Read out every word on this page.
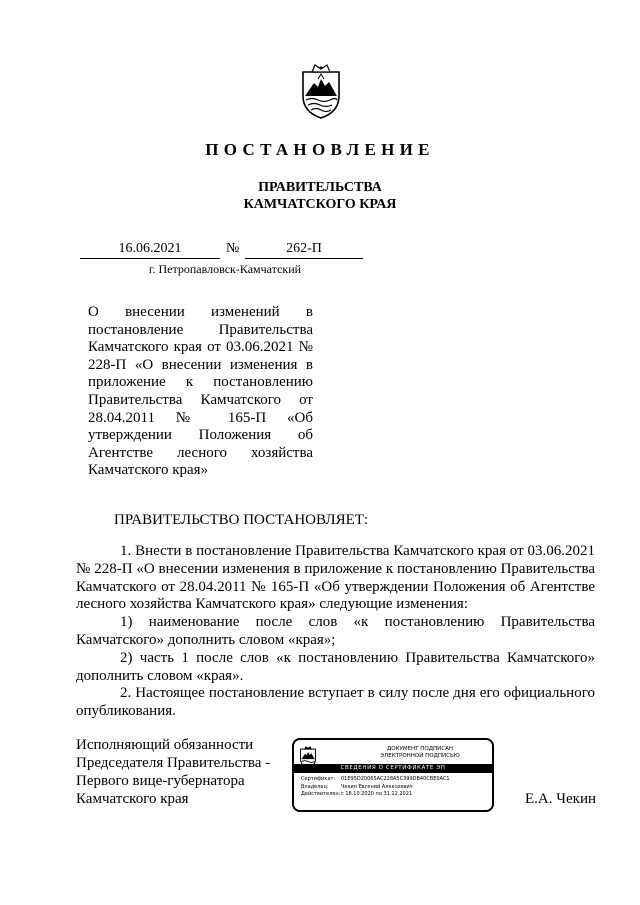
ПОСТАНОВЛЕНИЕ
ПРАВИТЕЛЬСТВА
КАМЧАТСКОГО КРАЯ
16.06.2021	№	262-П
г. Петропавловск-Камчатский
О внесении изменений в постановление Правительства Камчатского края от 03.06.2021 № 228-П «О внесении изменения в приложение к постановлению Правительства Камчатского от 28.04.2011 № 165-П «Об утверждении Положения об Агентстве лесного хозяйства Камчатского края»
ПРАВИТЕЛЬСТВО ПОСТАНОВЛЯЕТ:

1. Внести в постановление Правительства Камчатского края от 03.06.2021 № 228-П «О внесении изменения в приложение к постановлению Правительства Камчатского от 28.04.2011 № 165-П «Об утверждении Положения об Агентстве лесного хозяйства Камчатского края» следующие изменения:

1) наименование после слов «к постановлению Правительства Камчатского» дополнить словом «края»;

2) часть 1 после слов «к постановлению Правительства Камчатского» дополнить словом «края».

2. Настоящее постановление вступает в силу после дня его официального опубликования.

Исполняющий обязанности
Председателя Правительства -
Первого вице-губернатора
Камчатского края
ДОКУМЕНТ ПОДПИСАН
ЭЛЕКТРОННОЙ ПОДПИСЬЮ
СВЕДЕНИЯ О СЕРТИФИКАТЕ ЭП
Сертификат:	01E95D20065AC228A5C399DB40CBE0AC1
Владелец:	Чекин Евгений Алексеевич
Действителен: с 18.10.2020 по 31.12.2021	Е.А. Чекин
